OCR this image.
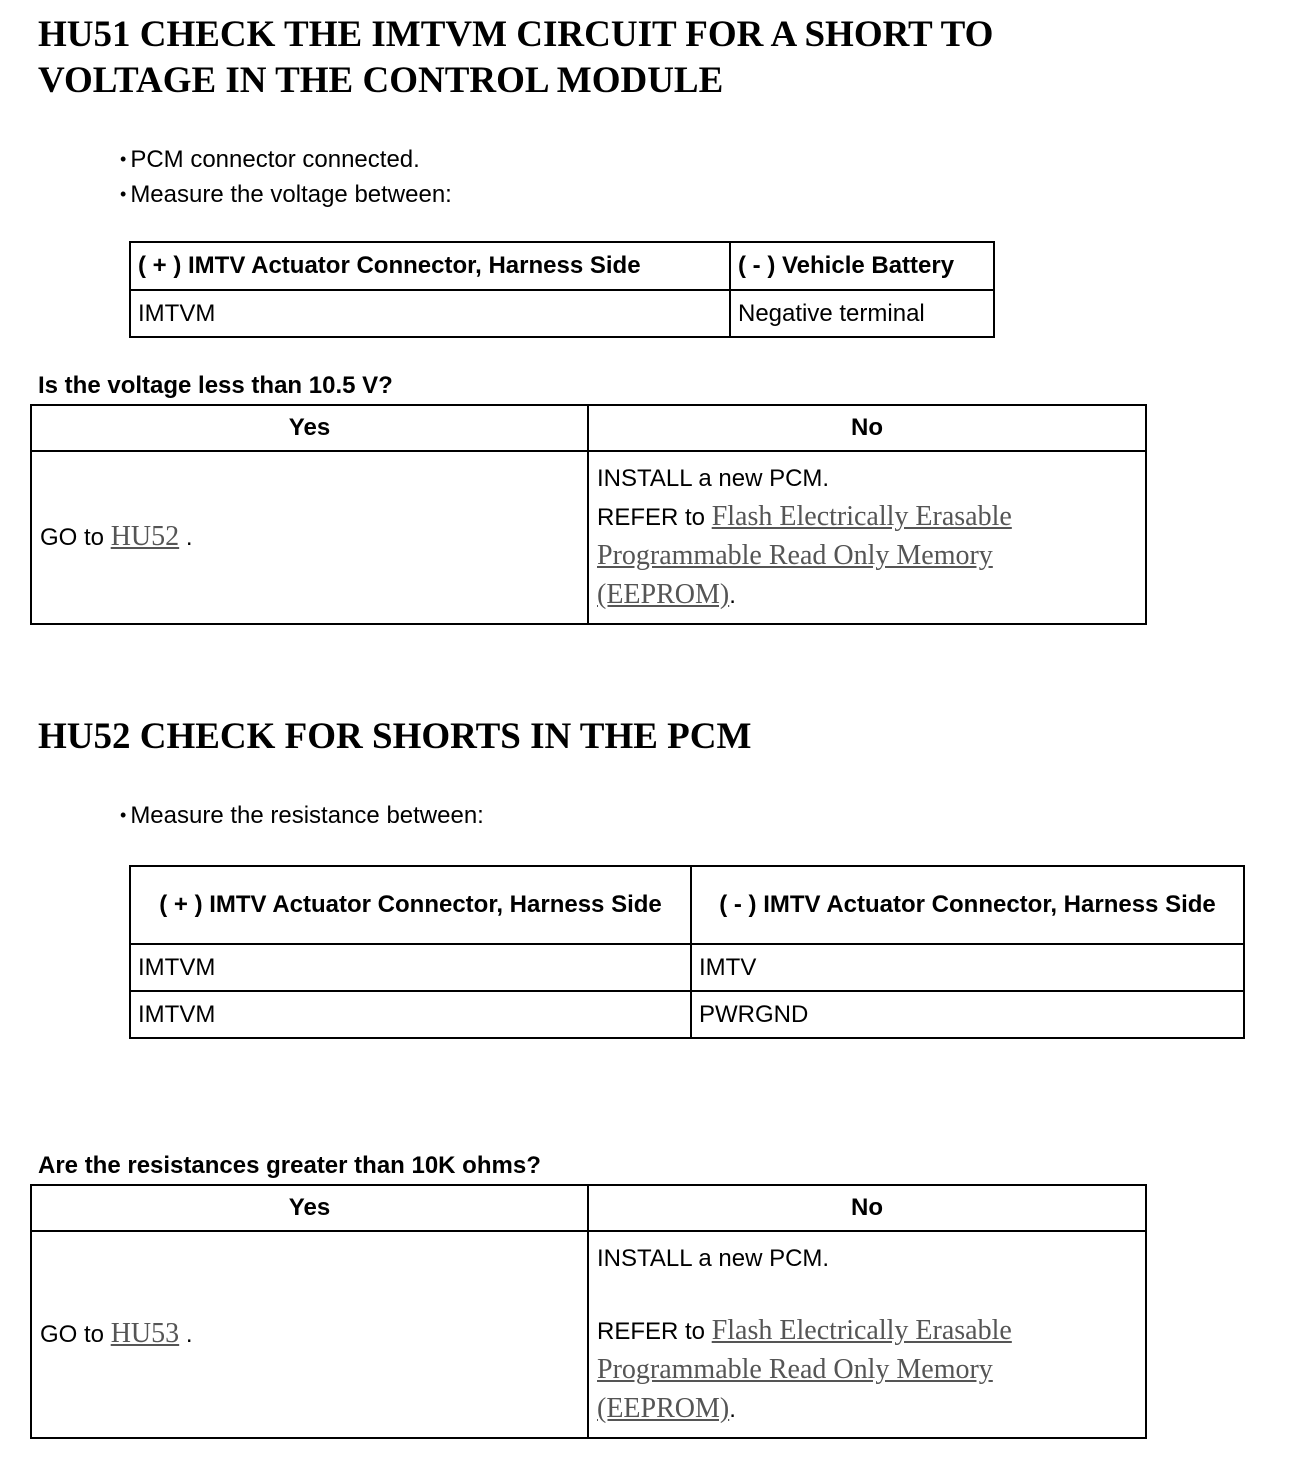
HU51 CHECK THE IMTVM CIRCUIT FOR A SHORT TO
VOLTAGE IN THE CONTROL MODULE
• PCM connector connected.
• Measure the voltage between:
( + ) IMTV Actuator Connector, Harness Side	( - ) Vehicle Battery
IMTVM	Negative terminal
Is the voltage less than 10.5 V?
Yes	No
GO to HU52 .	INSTALL a new PCM.
REFER to Flash Electrically Erasable Programmable Read Only Memory (EEPROM).
HU52 CHECK FOR SHORTS IN THE PCM
• Measure the resistance between:
( + ) IMTV Actuator Connector, Harness Side	( - ) IMTV Actuator Connector, Harness Side
IMTVM	IMTV
IMTVM	PWRGND
Are the resistances greater than 10K ohms?
Yes	No
GO to HU53 .	INSTALL a new PCM.
REFER to Flash Electrically Erasable Programmable Read Only Memory (EEPROM).
